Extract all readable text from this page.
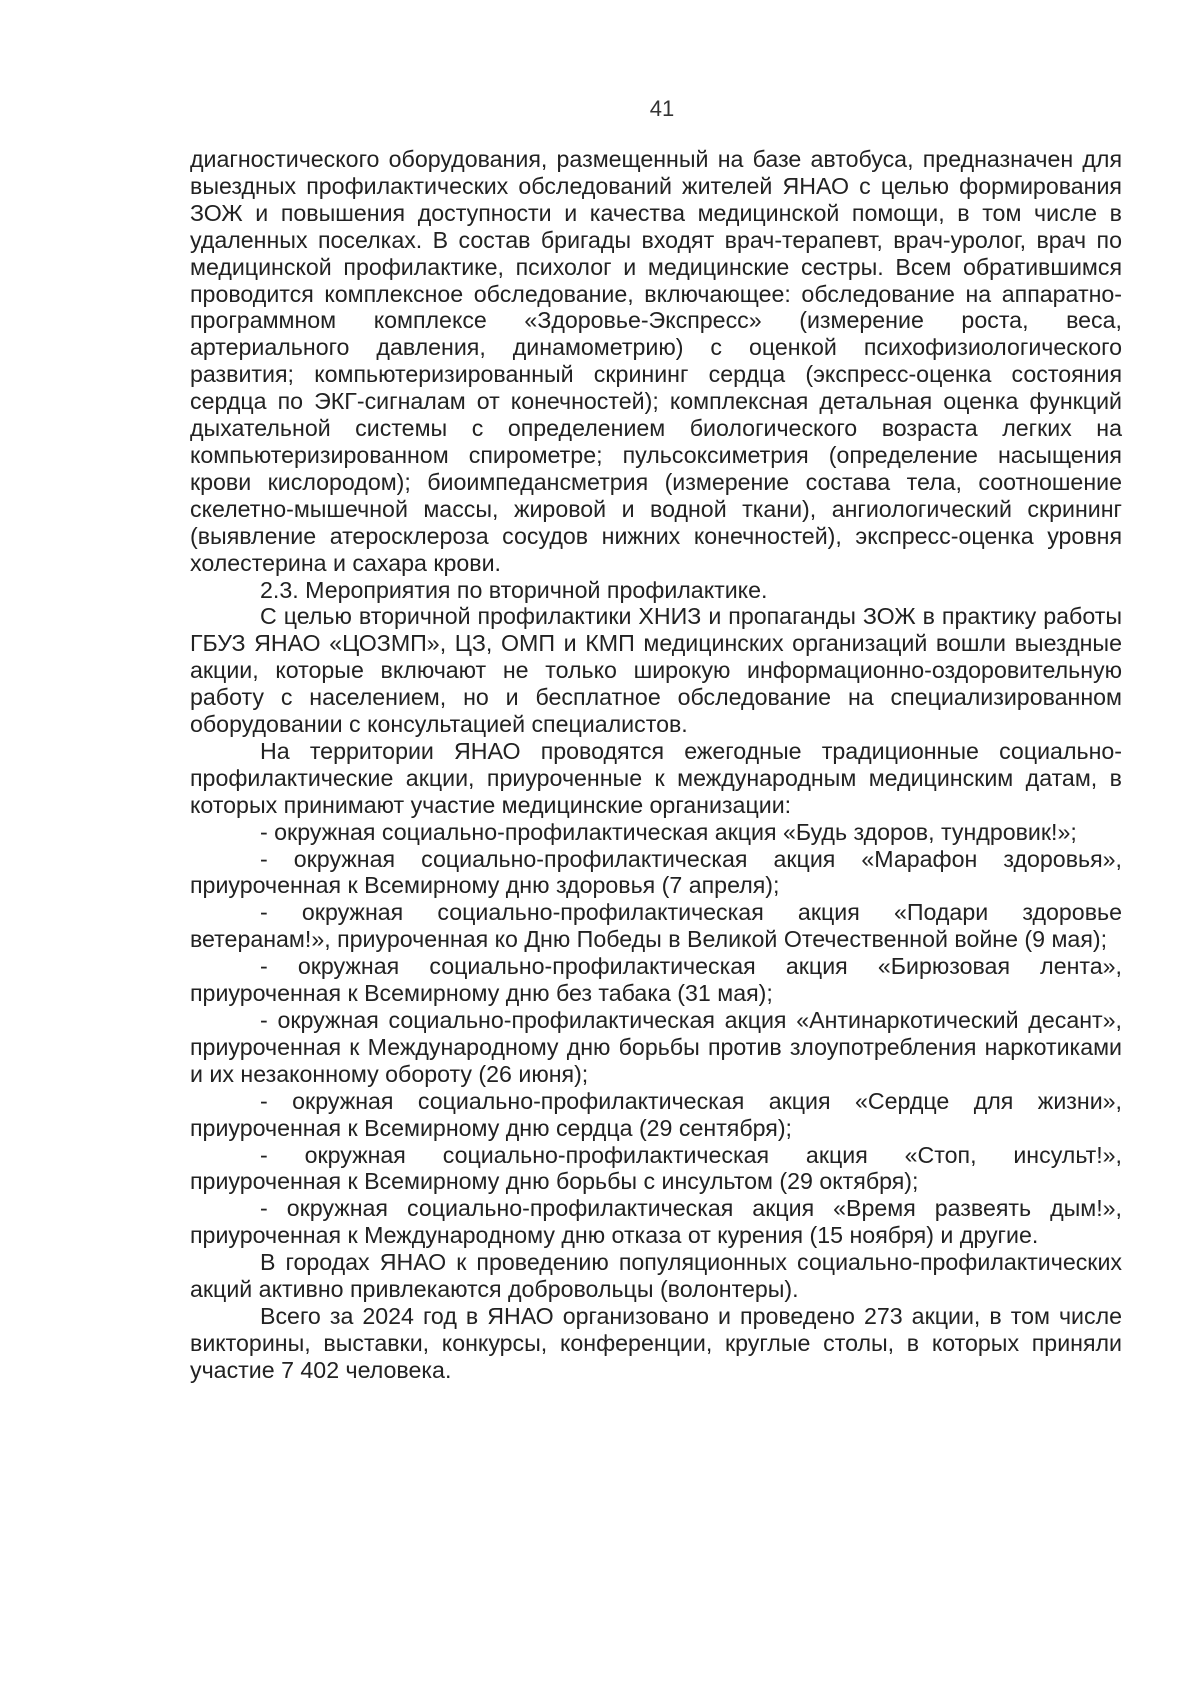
41

диагностического оборудования, размещенный на базе автобуса, предназначен для выездных профилактических обследований жителей ЯНАО с целью формирования ЗОЖ и повышения доступности и качества медицинской помощи, в том числе в удаленных поселках. В состав бригады входят врач-терапевт, врач-уролог, врач по медицинской профилактике, психолог и медицинские сестры. Всем обратившимся проводится комплексное обследование, включающее: обследование на аппаратно-программном комплексе «Здоровье-Экспресс» (измерение роста, веса, артериального давления, динамометрию) с оценкой психофизиологического развития; компьютеризированный скрининг сердца (экспресс-оценка состояния сердца по ЭКГ-сигналам от конечностей); комплексная детальная оценка функций дыхательной системы с определением биологического возраста легких на компьютеризированном спирометре; пульсоксиметрия (определение насыщения крови кислородом); биоимпедансметрия (измерение состава тела, соотношение скелетно-мышечной массы, жировой и водной ткани), ангиологический скрининг (выявление атеросклероза сосудов нижних конечностей), экспресс-оценка уровня холестерина и сахара крови.

2.3. Мероприятия по вторичной профилактике.

С целью вторичной профилактики ХНИЗ и пропаганды ЗОЖ в практику работы ГБУЗ ЯНАО «ЦОЗМП», ЦЗ, ОМП и КМП медицинских организаций вошли выездные акции, которые включают не только широкую информационно-оздоровительную работу с населением, но и бесплатное обследование на специализированном оборудовании с консультацией специалистов.

На территории ЯНАО проводятся ежегодные традиционные социально-профилактические акции, приуроченные к международным медицинским датам, в которых принимают участие медицинские организации:

- окружная социально-профилактическая акция «Будь здоров, тундровик!»;

- окружная социально-профилактическая акция «Марафон здоровья», приуроченная к Всемирному дню здоровья (7 апреля);

- окружная социально-профилактическая акция «Подари здоровье ветеранам!», приуроченная ко Дню Победы в Великой Отечественной войне (9 мая);

- окружная социально-профилактическая акция «Бирюзовая лента», приуроченная к Всемирному дню без табака (31 мая);

- окружная социально-профилактическая акция «Антинаркотический десант», приуроченная к Международному дню борьбы против злоупотребления наркотиками и их незаконному обороту (26 июня);

- окружная социально-профилактическая акция «Сердце для жизни», приуроченная к Всемирному дню сердца (29 сентября);

- окружная социально-профилактическая акция «Стоп, инсульт!», приуроченная к Всемирному дню борьбы с инсультом (29 октября);

- окружная социально-профилактическая акция «Время развеять дым!», приуроченная к Международному дню отказа от курения (15 ноября) и другие.

В городах ЯНАО к проведению популяционных социально-профилактических акций активно привлекаются добровольцы (волонтеры).

Всего за 2024 год в ЯНАО организовано и проведено 273 акции, в том числе викторины, выставки, конкурсы, конференции, круглые столы, в которых приняли участие 7 402 человека.
